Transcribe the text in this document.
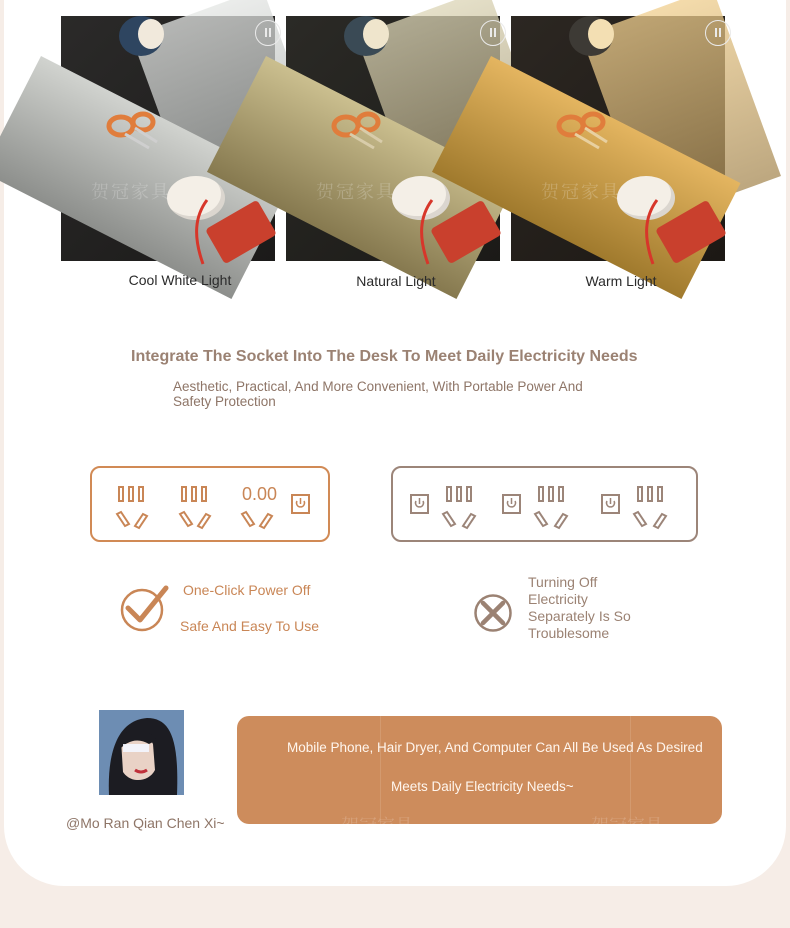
贺冠家具
Cool White Light
贺冠家具
Natural Light
贺冠家具
Warm Light
Integrate The Socket Into The Desk To Meet Daily Electricity Needs
Aesthetic, Practical, And More Convenient, With Portable Power And Safety Protection
0.00
One-Click Power Off
Safe And Easy To Use
Turning Off Electricity Separately Is So Troublesome
@Mo Ran Qian Chen Xi~
Mobile Phone, Hair Dryer, And Computer Can All Be Used As Desired
Meets Daily Electricity Needs~
贺冠家具	贺冠家具
